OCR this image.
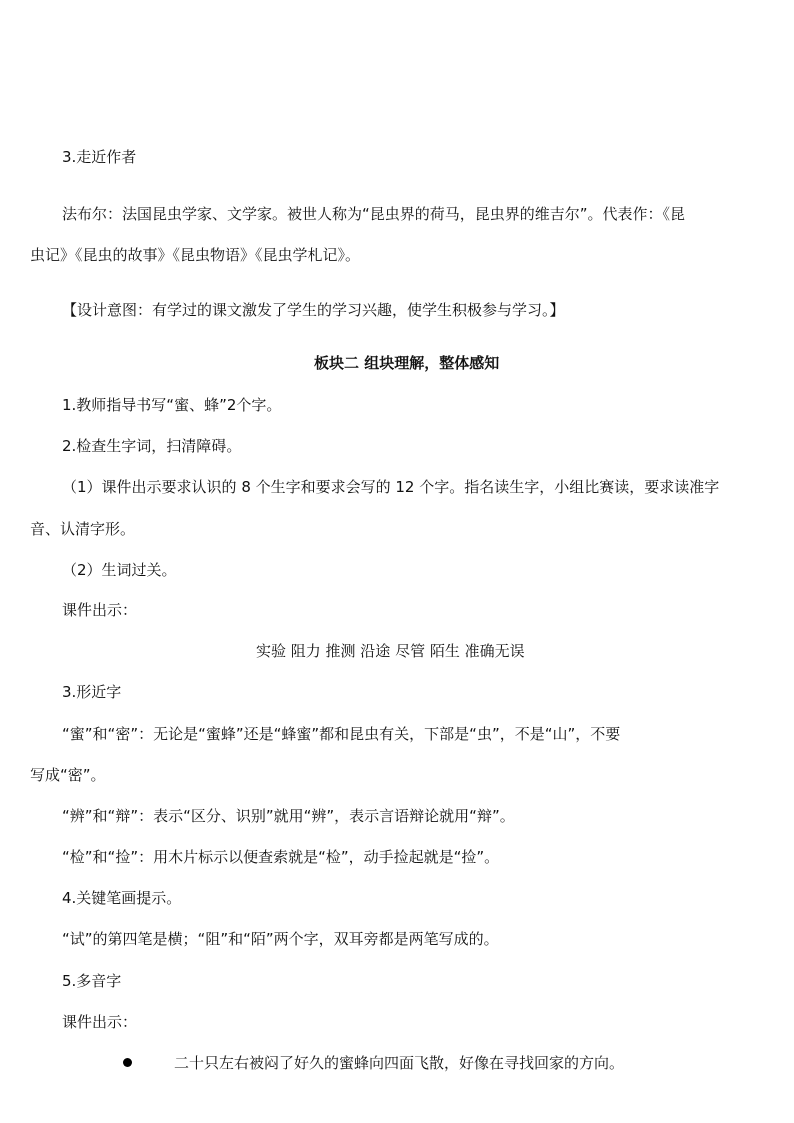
3.走近作者

法布尔：法国昆虫学家、文学家。被世人称为“昆虫界的荷马，昆虫界的维吉尔”。代表作：《昆

虫记》《昆虫的故事》《昆虫物语》《昆虫学札记》。

【设计意图：有学过的课文激发了学生的学习兴趣，使学生积极参与学习。】

板块二 组块理解，整体感知

1.教师指导书写“蜜、蜂”2个字。

2.检查生字词，扫清障碍。

（1）课件出示要求认识的 8 个生字和要求会写的 12 个字。指名读生字，小组比赛读，要求读准字

音、认清字形。

（2）生词过关。

课件出示：

实验 阻力 推测 沿途 尽管 陌生 准确无误

3.形近字

“蜜”和“密”：无论是“蜜蜂”还是“蜂蜜”都和昆虫有关，下部是“虫”，不是“山”，不要

写成“密”。

“辨”和“辩”：表示“区分、识别”就用“辨”，表示言语辩论就用“辩”。

“检”和“捡”：用木片标示以便查索就是“检”，动手捡起就是“捡”。

4.关键笔画提示。

“试”的第四笔是横；“阻”和“陌”两个字，双耳旁都是两笔写成的。

5.多音字

课件出示：

二十只左右被闷了好久的蜜蜂向四面飞散，好像在寻找回家的方向。
